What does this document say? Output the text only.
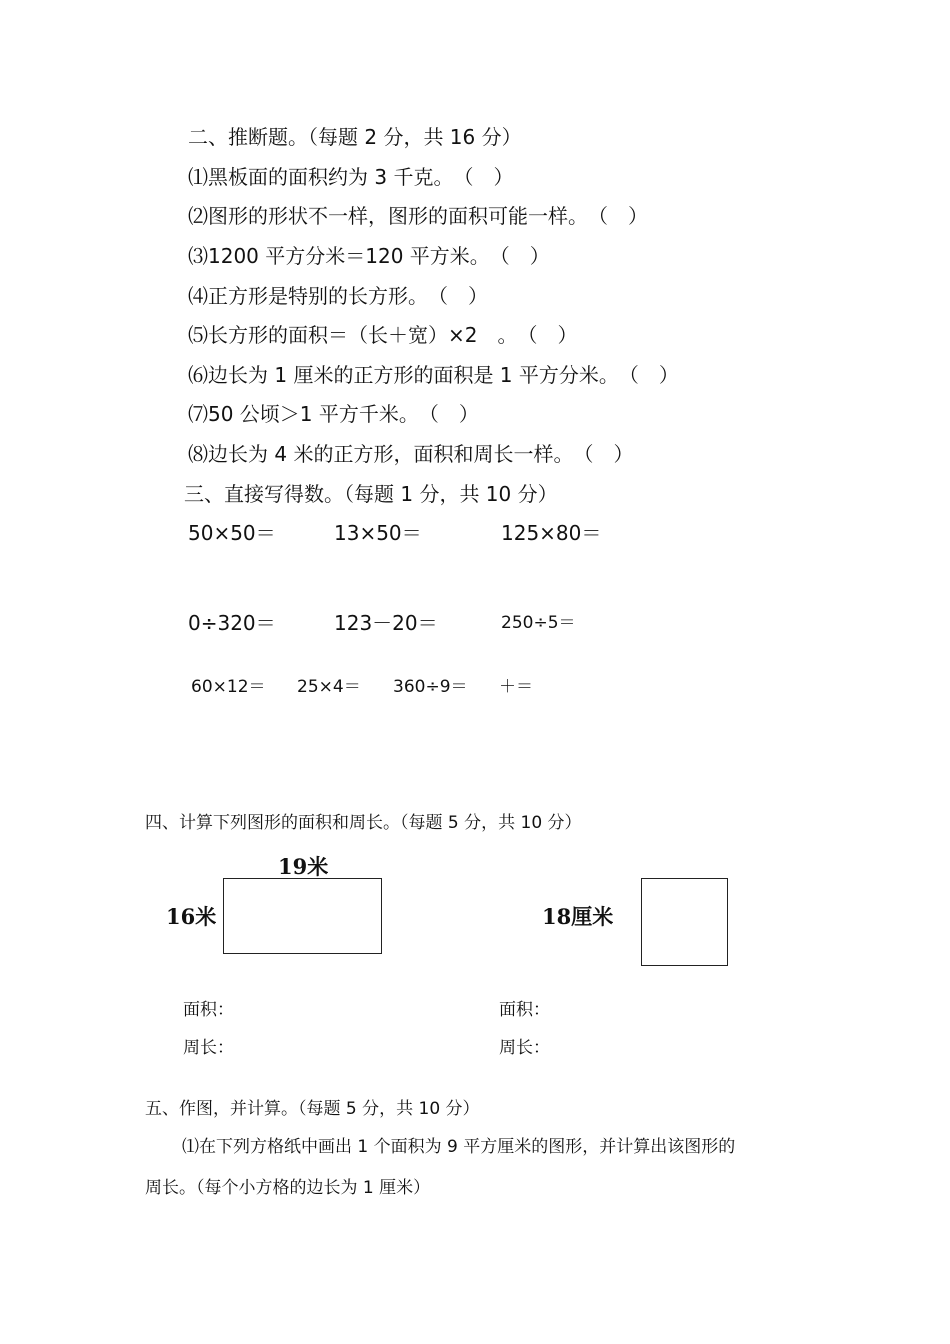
二、推断题。（每题 2 分，共 16 分）
⑴黑板面的面积约为 3 千克。　（　）
⑵图形的形状不一样，图形的面积可能一样。　（　）
⑶1200 平方分米＝120 平方米。　（　）
⑷正方形是特别的长方形。　（　）
⑸长方形的面积＝（长＋宽）×2　。　（　）
⑹边长为 1 厘米的正方形的面积是 1 平方分米。　（　）
⑺50 公顷＞1 平方千米。　（　）
⑻边长为 4 米的正方形，面积和周长一样。　（　）
三、直接写得数。（每题 1 分，共 10 分）
50×50＝	13×50＝	125×80＝
0÷320＝	123－20＝	250÷5＝
60×12＝ 25×4＝ 360÷9＝ ＋＝
四、计算下列图形的面积和周长。（每题 5 分，共 10 分）
19米
16米	18厘米
面积：
周长：
面积：
周长：
五、作图，并计算。（每题 5 分，共 10 分）
⑴在下列方格纸中画出 1 个面积为 9 平方厘米的图形，并计算出该图形的
周长。（每个小方格的边长为 1 厘米）
